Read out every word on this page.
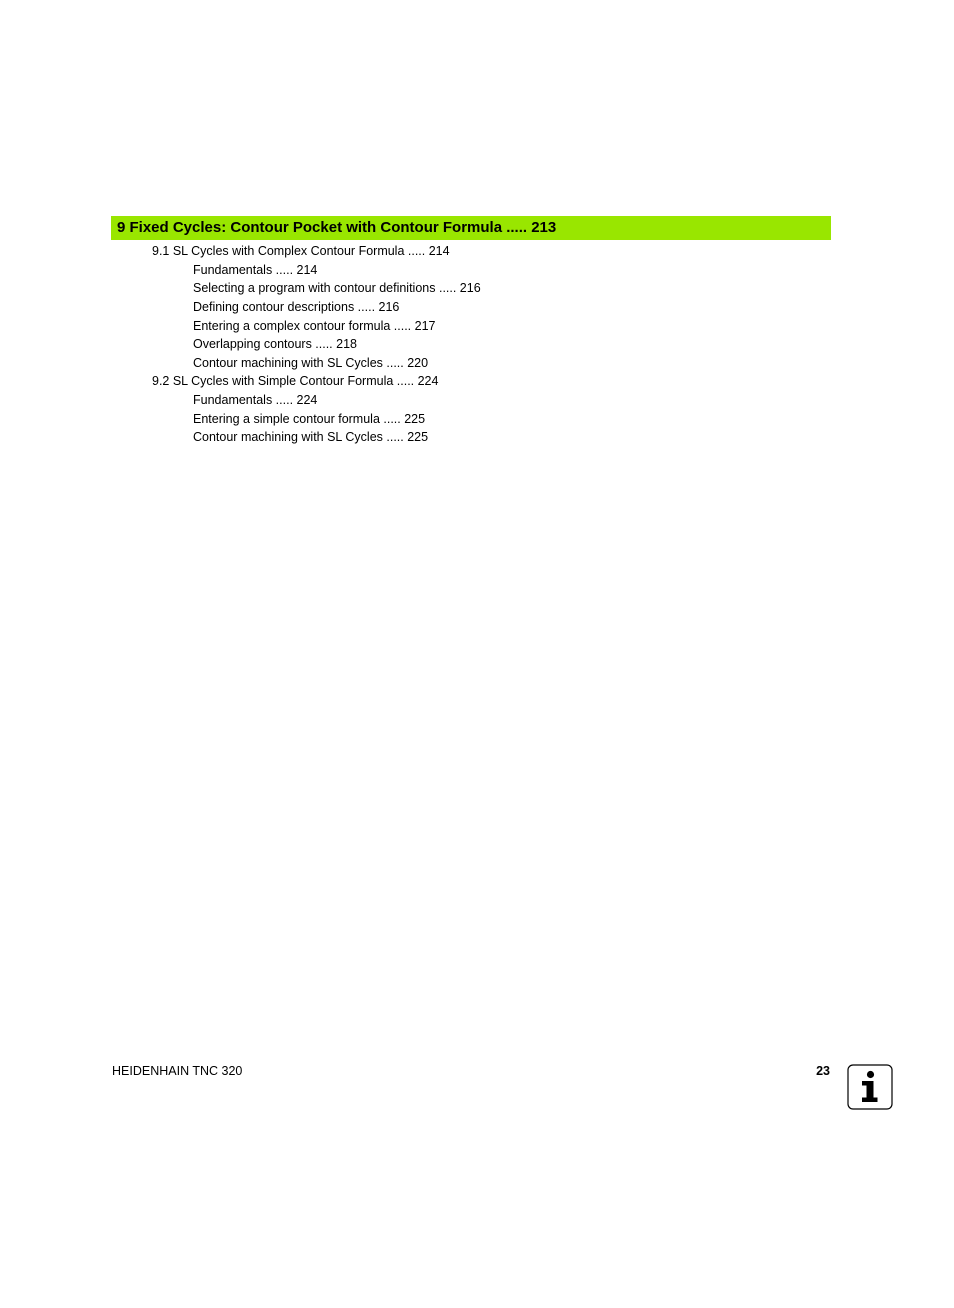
9 Fixed Cycles: Contour Pocket with Contour Formula ..... 213
9.1 SL Cycles with Complex Contour Formula ..... 214
Fundamentals ..... 214
Selecting a program with contour definitions ..... 216
Defining contour descriptions ..... 216
Entering a complex contour formula ..... 217
Overlapping contours ..... 218
Contour machining with SL Cycles ..... 220
9.2 SL Cycles with Simple Contour Formula ..... 224
Fundamentals ..... 224
Entering a simple contour formula ..... 225
Contour machining with SL Cycles ..... 225
HEIDENHAIN TNC 320	23
